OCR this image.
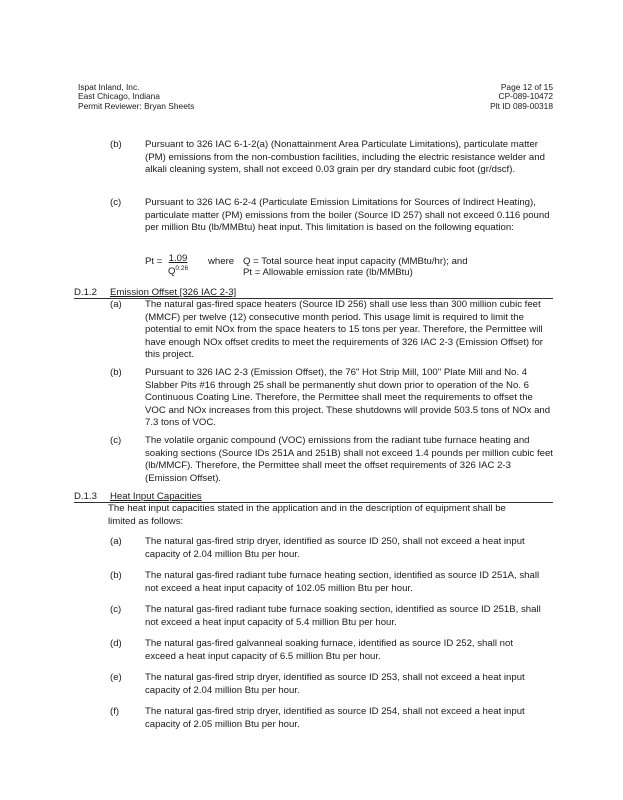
Ispat Inland, Inc.
East Chicago, Indiana
Permit Reviewer: Bryan Sheets
Page 12 of 15
CP-089-10472
Plt ID 089-00318
(b)	Pursuant to 326 IAC 6-1-2(a) (Nonattainment Area Particulate Limitations), particulate matter (PM) emissions from the non-combustion facilities, including the electric resistance welder and alkali cleaning system, shall not exceed 0.03 grain per dry standard cubic foot (gr/dscf).
(c)	Pursuant to 326 IAC 6-2-4 (Particulate Emission Limitations for Sources of Indirect Heating), particulate matter (PM) emissions from the boiler (Source ID 257) shall not exceed 0.116 pound per million Btu (lb/MMBtu) heat input. This limitation is based on the following equation:
Pt = 1.09
$Q^{0.26}$
where Q = Total source heat input capacity (MMBtu/hr); and
Pt = Allowable emission rate (lb/MMBtu)
D.1.2 Emission Offset [326 IAC 2-3]
(a)	The natural gas-fired space heaters (Source ID 256) shall use less than 300 million cubic feet (MMCF) per twelve (12) consecutive month period. This usage limit is required to limit the potential to emit NOx from the space heaters to 15 tons per year. Therefore, the Permittee will have enough NOx offset credits to meet the requirements of 326 IAC 2-3 (Emission Offset) for this project.
(b)	Pursuant to 326 IAC 2-3 (Emission Offset), the 76" Hot Strip Mill, 100" Plate Mill and No. 4 Slabber Pits #16 through 25 shall be permanently shut down prior to operation of the No. 6 Continuous Coating Line. Therefore, the Permittee shall meet the requirements to offset the VOC and NOx increases from this project. These shutdowns will provide 503.5 tons of NOx and 7.3 tons of VOC.
(c)	The volatile organic compound (VOC) emissions from the radiant tube furnace heating and soaking sections (Source IDs 251A and 251B) shall not exceed 1.4 pounds per million cubic feet (lb/MMCF). Therefore, the Permittee shall meet the offset requirements of 326 IAC 2-3 (Emission Offset).
D.1.3 Heat Input Capacities
The heat input capacities stated in the application and in the description of equipment shall be limited as follows:
(a)	The natural gas-fired strip dryer, identified as source ID 250, shall not exceed a heat input capacity of 2.04 million Btu per hour.
(b)	The natural gas-fired radiant tube furnace heating section, identified as source ID 251A, shall not exceed a heat input capacity of 102.05 million Btu per hour.
(c)	The natural gas-fired radiant tube furnace soaking section, identified as source ID 251B, shall not exceed a heat input capacity of 5.4 million Btu per hour.
(d)	The natural gas-fired galvanneal soaking furnace, identified as source ID 252, shall not exceed a heat input capacity of 6.5 million Btu per hour.
(e)	The natural gas-fired strip dryer, identified as source ID 253, shall not exceed a heat input capacity of 2.04 million Btu per hour.
(f)	The natural gas-fired strip dryer, identified as source ID 254, shall not exceed a heat input capacity of 2.05 million Btu per hour.
